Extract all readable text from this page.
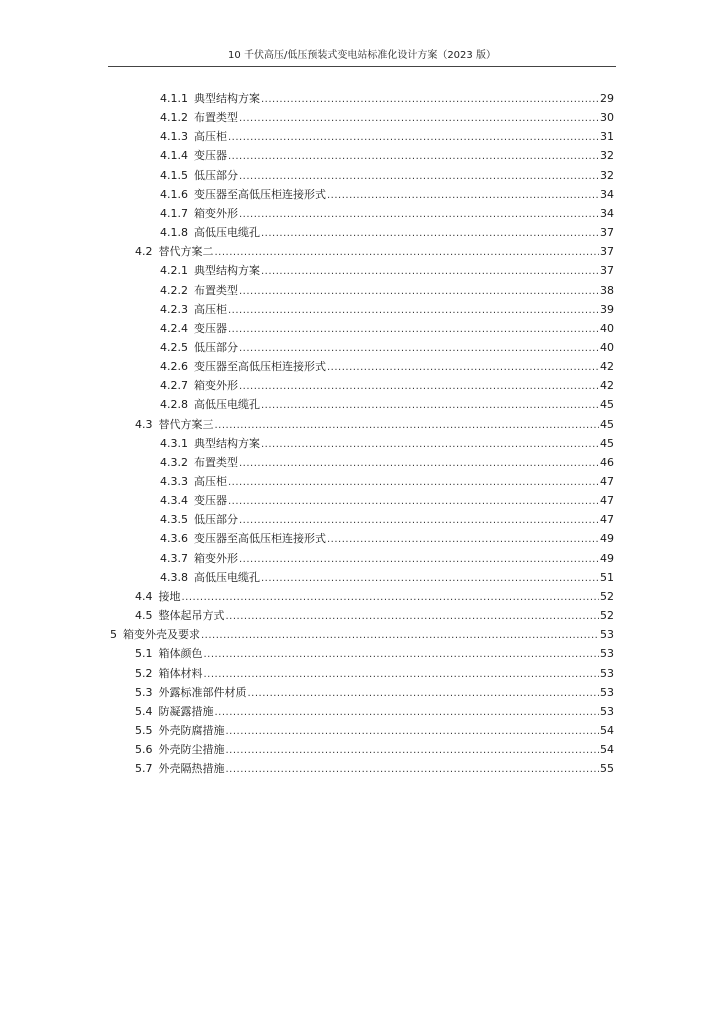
10 千伏高压/低压预装式变电站标准化设计方案（2023 版）
4.1.1 典型结构方案 .....	29
4.1.2 布置类型 .....	30
4.1.3 高压柜 .....	31
4.1.4 变压器 .....	32
4.1.5 低压部分 .....	32
4.1.6 变压器至高低压柜连接形式 .....	34
4.1.7 箱变外形 .....	34
4.1.8 高低压电缆孔 .....	37
4.2 替代方案二 .....	37
4.2.1 典型结构方案 .....	37
4.2.2 布置类型 .....	38
4.2.3 高压柜 .....	39
4.2.4 变压器 .....	40
4.2.5 低压部分 .....	40
4.2.6 变压器至高低压柜连接形式 .....	42
4.2.7 箱变外形 .....	42
4.2.8 高低压电缆孔 .....	45
4.3 替代方案三 .....	45
4.3.1 典型结构方案 .....	45
4.3.2 布置类型 .....	46
4.3.3 高压柜 .....	47
4.3.4 变压器 .....	47
4.3.5 低压部分 .....	47
4.3.6 变压器至高低压柜连接形式 .....	49
4.3.7 箱变外形 .....	49
4.3.8 高低压电缆孔 .....	51
4.4 接地 .....	52
4.5 整体起吊方式 .....	52
5 箱变外壳及要求 .....	53
5.1 箱体颜色 .....	53
5.2 箱体材料 .....	53
5.3 外露标准部件材质 .....	53
5.4 防凝露措施 .....	53
5.5 外壳防腐措施 .....	54
5.6 外壳防尘措施 .....	54
5.7 外壳隔热措施 .....	55
